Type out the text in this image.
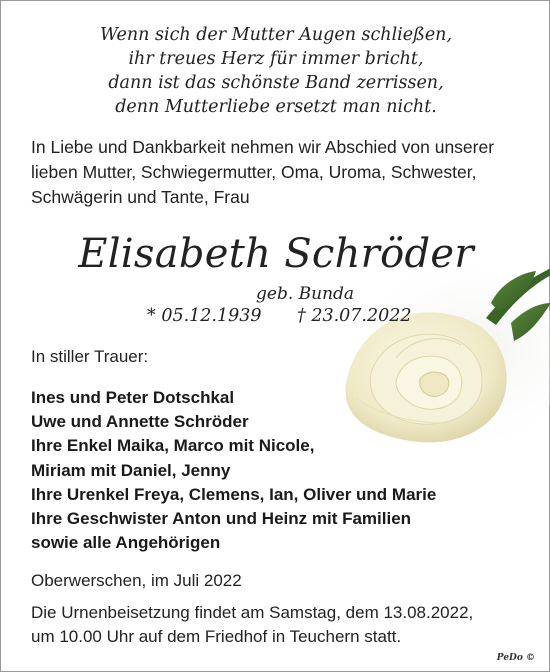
Wenn sich der Mutter Augen schließen,
ihr treues Herz für immer bricht,
dann ist das schönste Band zerrissen,
denn Mutterliebe ersetzt man nicht.
In Liebe und Dankbarkeit nehmen wir Abschied von unserer
lieben Mutter, Schwiegermutter, Oma, Uroma, Schwester,
Schwägerin und Tante, Frau
Elisabeth Schröder
geb. Bunda
* 05.12.1939 † 23.07.2022
In stiller Trauer:
Ines und Peter Dotschkal
Uwe und Annette Schröder
Ihre Enkel Maika, Marco mit Nicole,
Miriam mit Daniel, Jenny
Ihre Urenkel Freya, Clemens, Ian, Oliver und Marie
Ihre Geschwister Anton und Heinz mit Familien
sowie alle Angehörigen
Oberwerschen, im Juli 2022
Die Urnenbeisetzung findet am Samstag, dem 13.08.2022,
um 10.00 Uhr auf dem Friedhof in Teuchern statt.
PeDo ©
